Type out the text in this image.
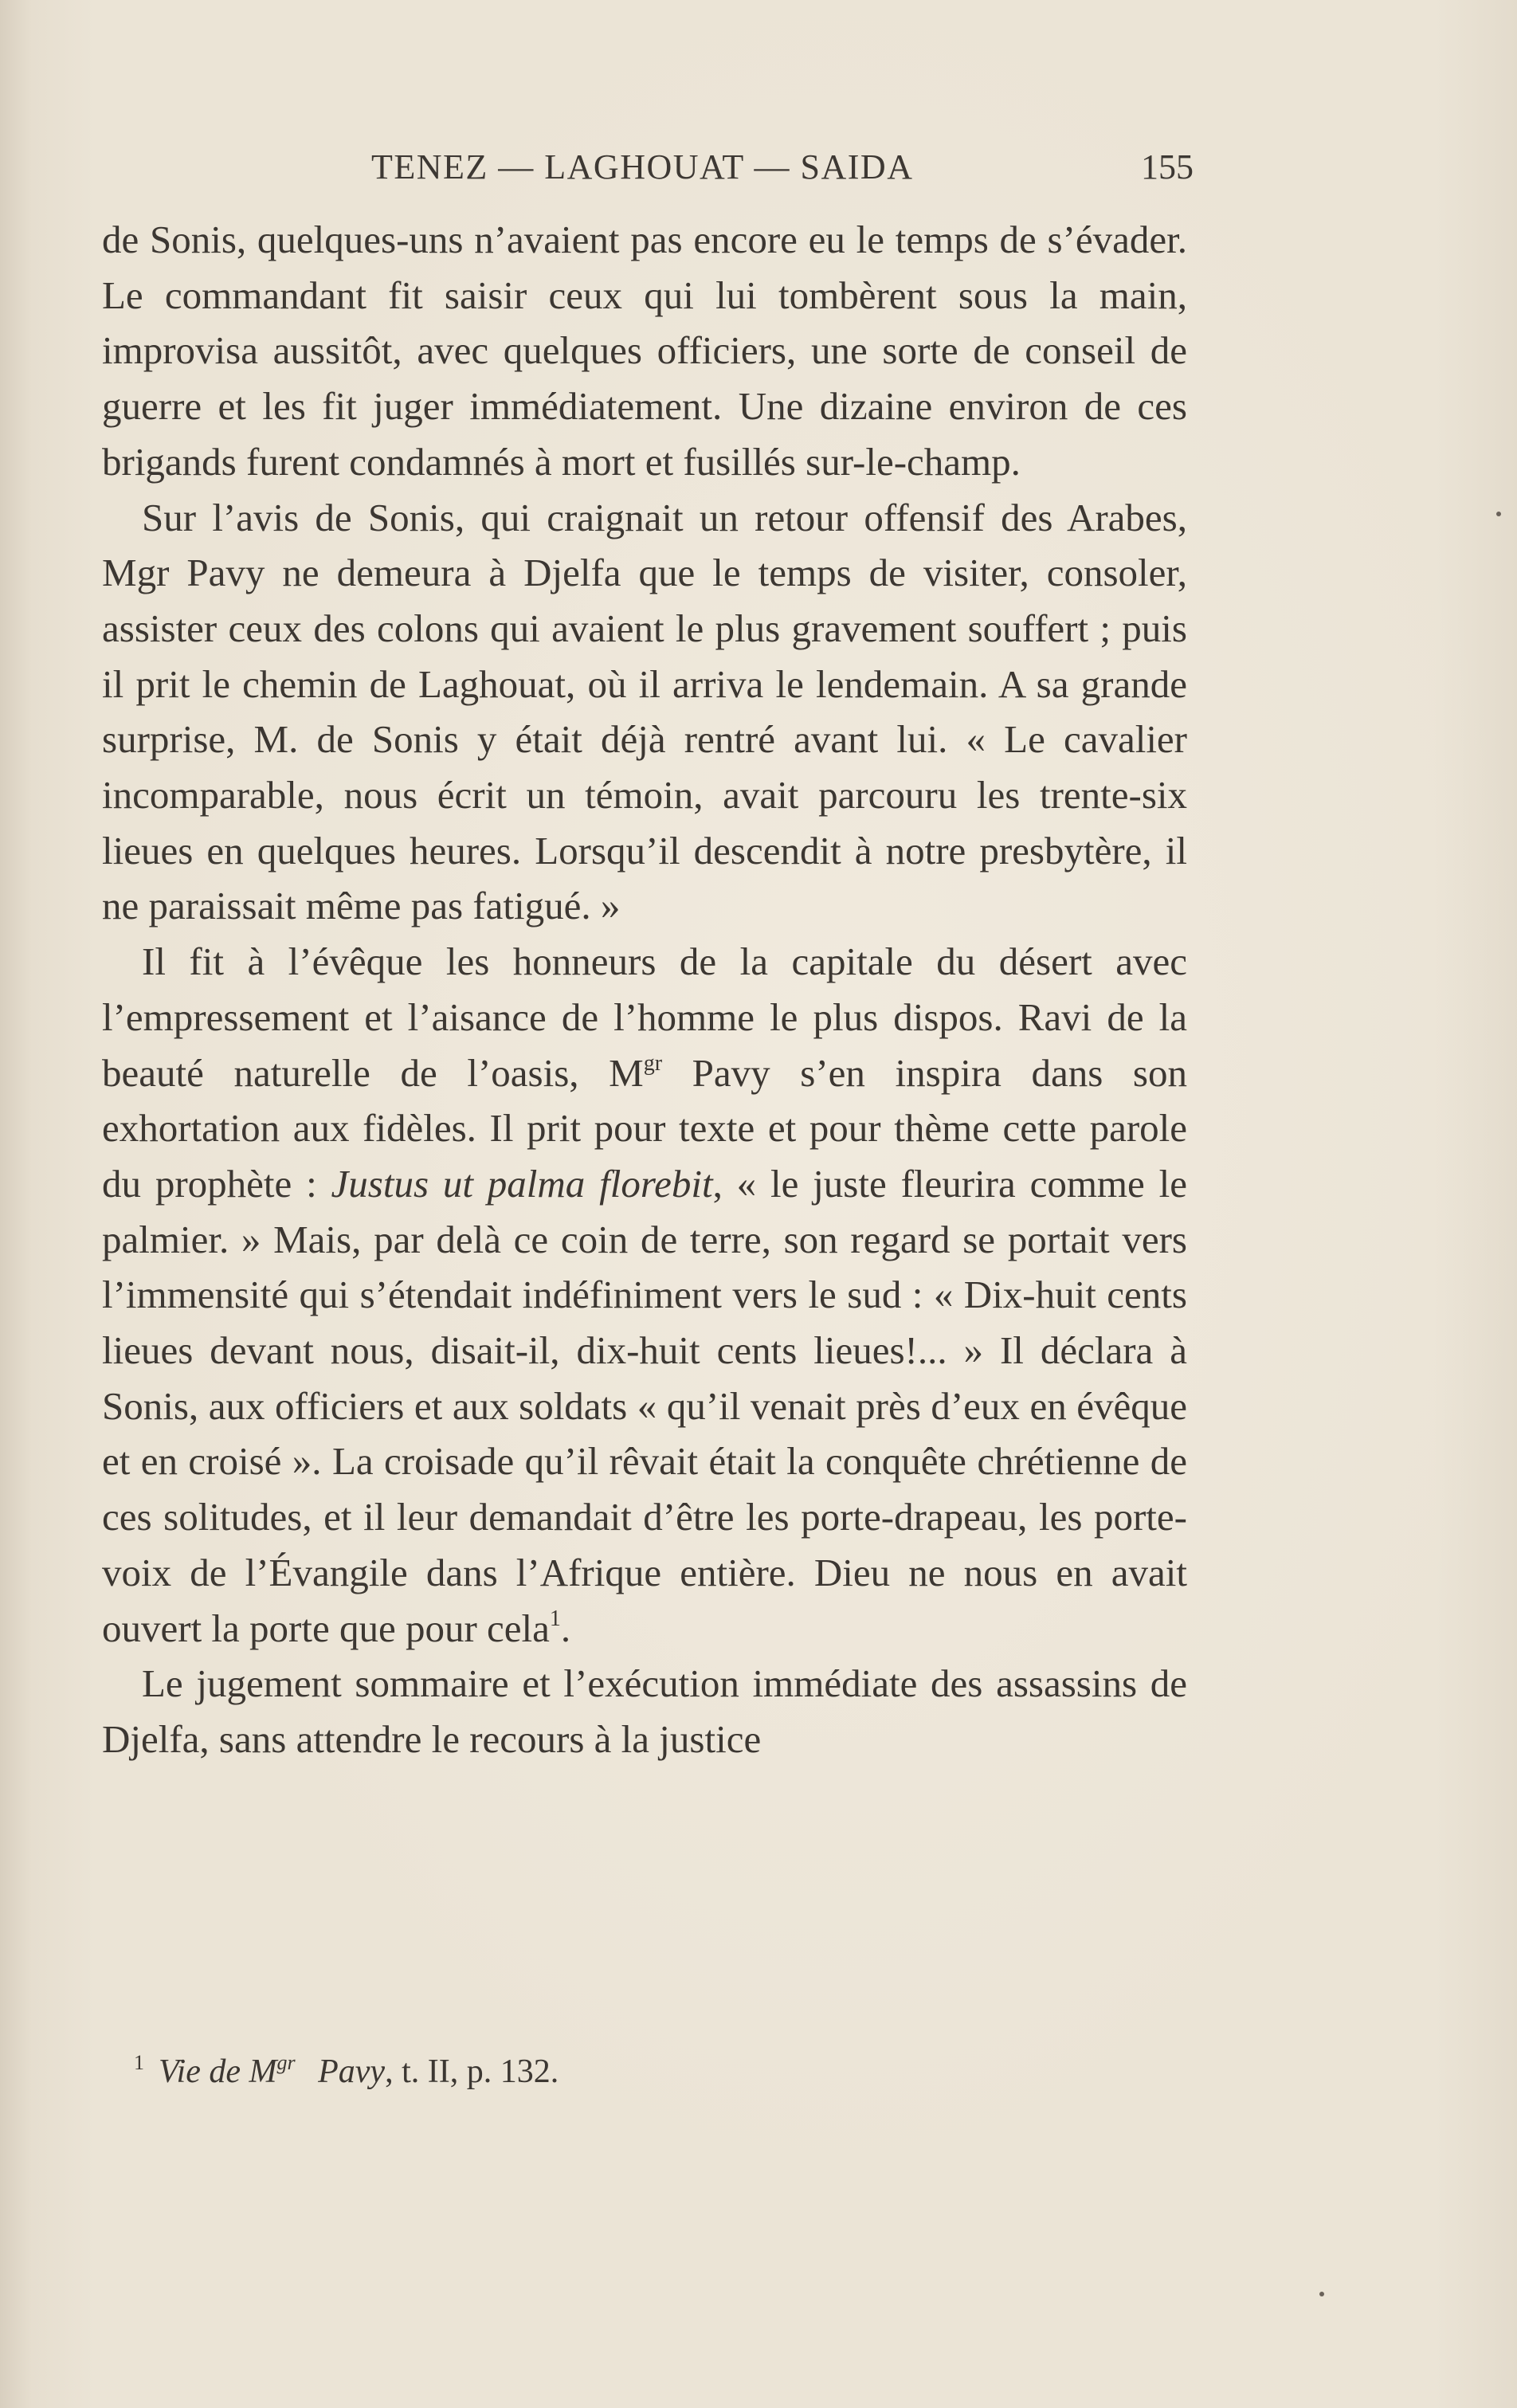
TENEZ — LAGHOUAT — SAIDA	155

de Sonis, quelques-uns n’avaient pas encore eu le temps de s’évader. Le commandant fit saisir ceux qui lui tombèrent sous la main, improvisa aussitôt, avec quelques officiers, une sorte de conseil de guerre et les fit juger immédiatement. Une dizaine environ de ces brigands furent condamnés à mort et fusillés sur-le-champ.

Sur l’avis de Sonis, qui craignait un retour offensif des Arabes, Mgr Pavy ne demeura à Djelfa que le temps de visiter, consoler, assister ceux des colons qui avaient le plus gravement souffert ; puis il prit le chemin de Laghouat, où il arriva le lendemain. A sa grande surprise, M. de Sonis y était déjà rentré avant lui. « Le cavalier incomparable, nous écrit un témoin, avait parcouru les trente-six lieues en quelques heures. Lorsqu’il descendit à notre presbytère, il ne paraissait même pas fatigué. »

Il fit à l’évêque les honneurs de la capitale du désert avec l’empressement et l’aisance de l’homme le plus dispos. Ravi de la beauté naturelle de l’oasis, $M^{gr}$ Pavy s’en inspira dans son exhortation aux fidèles. Il prit pour texte et pour thème cette parole du prophète : Justus ut palma florebit, « le juste fleurira comme le palmier. » Mais, par delà ce coin de terre, son regard se portait vers l’immensité qui s’étendait indéfiniment vers le sud : « Dix-huit cents lieues devant nous, disait-il, dix-huit cents lieues!... » Il déclara à Sonis, aux officiers et aux soldats « qu’il venait près d’eux en évêque et en croisé ». La croisade qu’il rêvait était la conquête chrétienne de ces solitudes, et il leur demandait d’être les porte-drapeau, les porte-voix de l’Évangile dans l’Afrique entière. Dieu ne nous en avait ouvert la porte que pour cela$^1$.

Le jugement sommaire et l’exécution immédiate des assassins de Djelfa, sans attendre le recours à la justice

$^1$ Vie de $M^{gr}$ Pavy, t. II, p. 132.
